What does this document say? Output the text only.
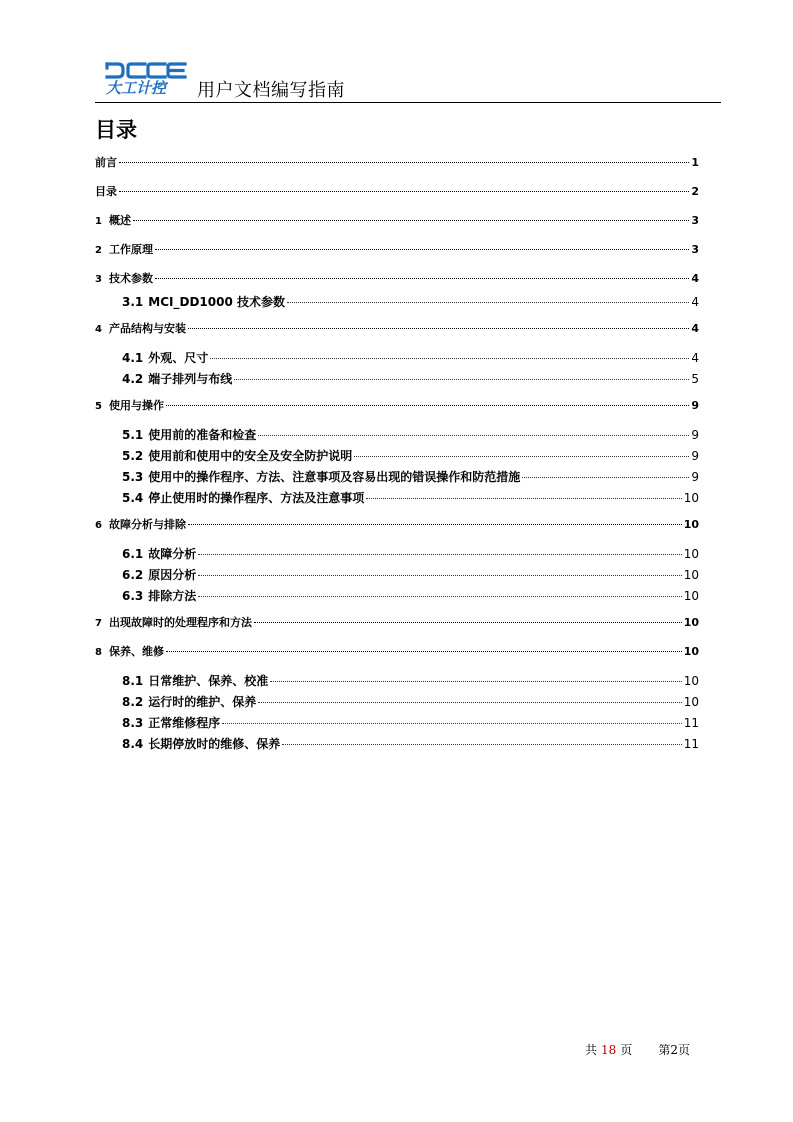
大工计控 用户文档编写指南
目录
前言	1
目录	2
1 概述	3
2 工作原理	3
3 技术参数	4
3.1 MCI_DD1000 技术参数	4
4 产品结构与安装	4
4.1 外观、尺寸	4
4.2 端子排列与布线	5
5 使用与操作	9
5.1 使用前的准备和检查	9
5.2 使用前和使用中的安全及安全防护说明	9
5.3 使用中的操作程序、方法、注意事项及容易出现的错误操作和防范措施	9
5.4 停止使用时的操作程序、方法及注意事项	10
6 故障分析与排除	10
6.1 故障分析	10
6.2 原因分析	10
6.3 排除方法	10
7 出现故障时的处理程序和方法	10
8 保养、维修	10
8.1 日常维护、保养、校准	10
8.2 运行时的维护、保养	10
8.3 正常维修程序	11
8.4 长期停放时的维修、保养	11
共 18 页 第2页
